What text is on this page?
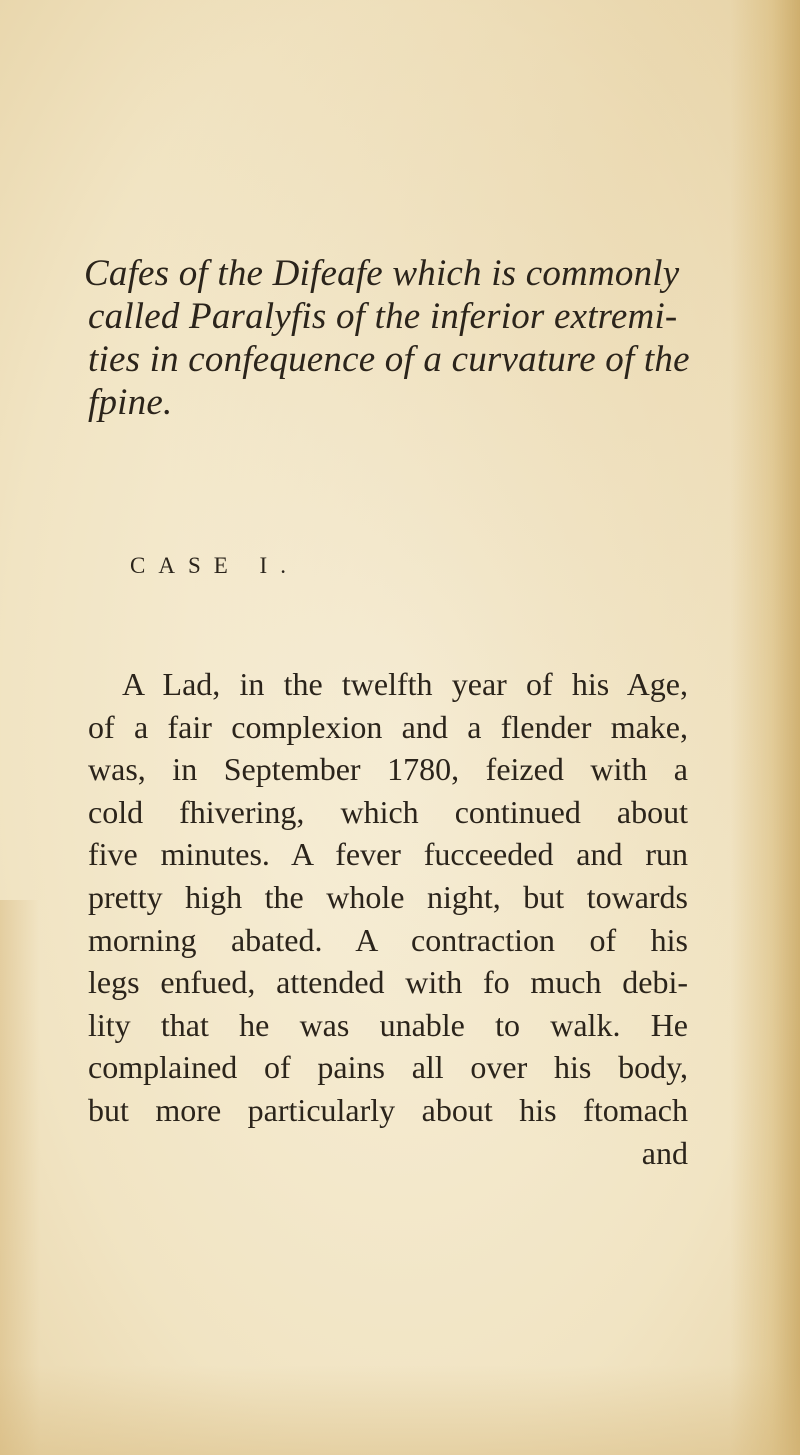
Cafes of the Difeafe which is commonly
called Paralyfis of the inferior extremi-
ties in confequence of a curvature of the
fpine.

CASE I.

A Lad, in the twelfth year of his Age,
of a fair complexion and a flender make,
was, in September 1780, feized with a
cold fhivering, which continued about
five minutes. A fever fucceeded and run
pretty high the whole night, but towards
morning abated. A contraction of his
legs enfued, attended with fo much debi-
lity that he was unable to walk. He
complained of pains all over his body,
but more particularly about his ftomach
and
